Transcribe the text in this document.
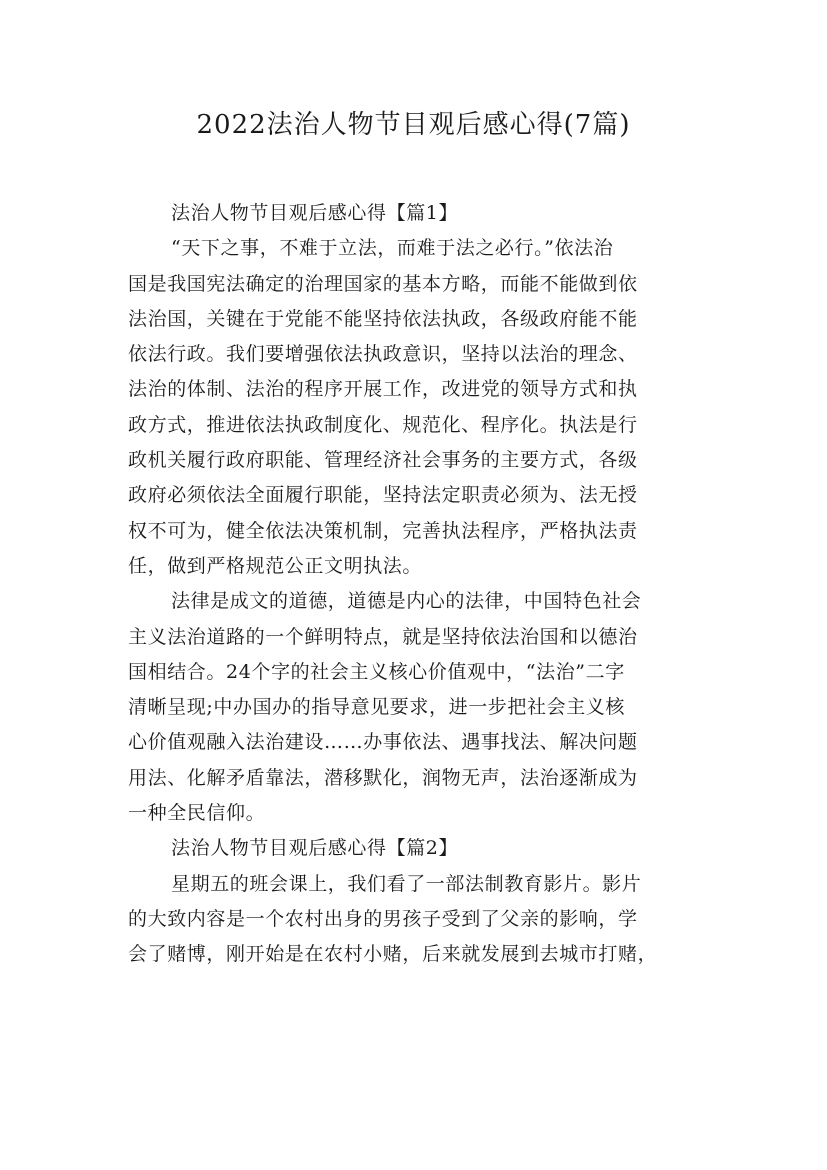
2022法治人物节目观后感心得(7篇)
法治人物节目观后感心得【篇1】
“天下之事，不难于立法，而难于法之必行。”依法治
国是我国宪法确定的治理国家的基本方略，而能不能做到依
法治国，关键在于党能不能坚持依法执政，各级政府能不能
依法行政。我们要增强依法执政意识，坚持以法治的理念、
法治的体制、法治的程序开展工作，改进党的领导方式和执
政方式，推进依法执政制度化、规范化、程序化。执法是行
政机关履行政府职能、管理经济社会事务的主要方式，各级
政府必须依法全面履行职能，坚持法定职责必须为、法无授
权不可为，健全依法决策机制，完善执法程序，严格执法责
任，做到严格规范公正文明执法。
法律是成文的道德，道德是内心的法律，中国特色社会
主义法治道路的一个鲜明特点，就是坚持依法治国和以德治
国相结合。24个字的社会主义核心价值观中，“法治”二字
清晰呈现;中办国办的指导意见要求，进一步把社会主义核
心价值观融入法治建设……办事依法、遇事找法、解决问题
用法、化解矛盾靠法，潜移默化，润物无声，法治逐渐成为
一种全民信仰。
法治人物节目观后感心得【篇2】
星期五的班会课上，我们看了一部法制教育影片。影片
的大致内容是一个农村出身的男孩子受到了父亲的影响，学
会了赌博，刚开始是在农村小赌，后来就发展到去城市打赌，
